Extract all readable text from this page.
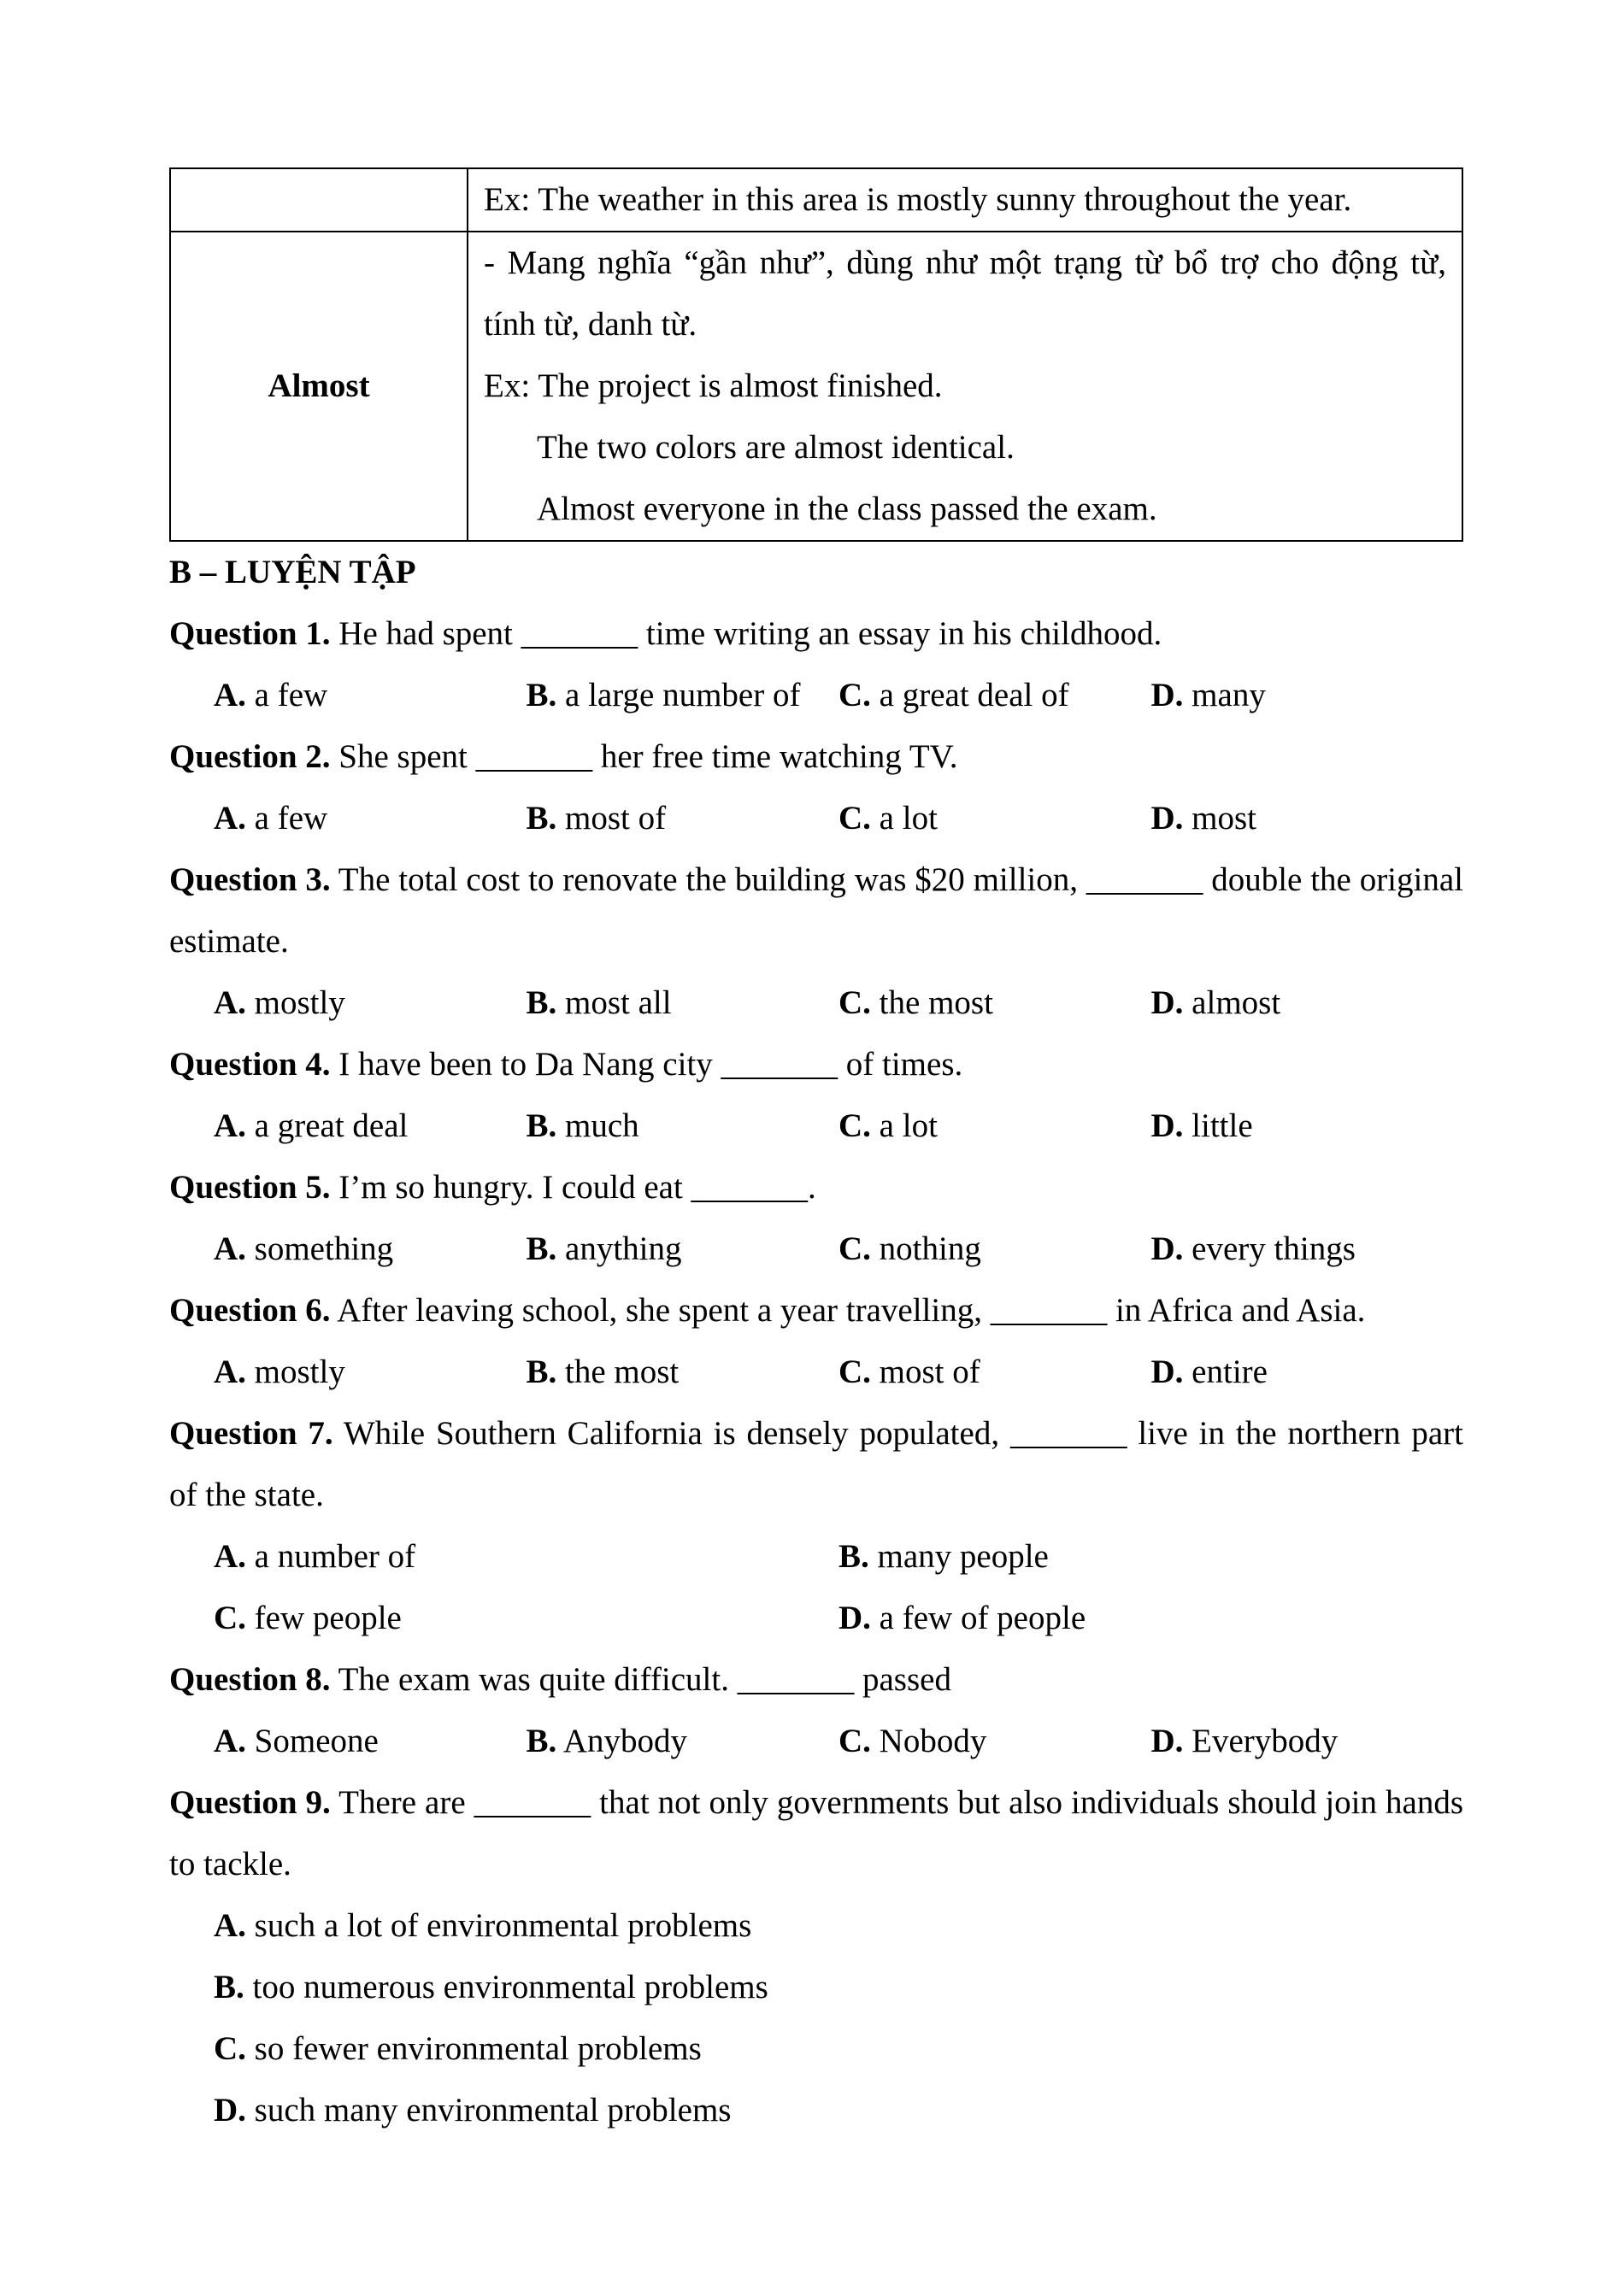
	Ex: The weather in this area is mostly sunny throughout the year.

Almost	- Mang nghĩa “gần như”, dùng như một trạng từ bổ trợ cho động từ, tính từ, danh từ.
Ex: The project is almost finished.
The two colors are almost identical.
Almost everyone in the class passed the exam.

B – LUYỆN TẬP

Question 1. He had spent _______ time writing an essay in his childhood.

A. a few	B. a large number of	C. a great deal of	D. many

Question 2. She spent _______ her free time watching TV.

A. a few	B. most of	C. a lot	D. most

Question 3. The total cost to renovate the building was $20 million, _______ double the original estimate.

A. mostly	B. most all	C. the most	D. almost

Question 4. I have been to Da Nang city _______ of times.

A. a great deal	B. much	C. a lot	D. little

Question 5. I’m so hungry. I could eat _______.

A. something	B. anything	C. nothing	D. every things

Question 6. After leaving school, she spent a year travelling, _______ in Africa and Asia.

A. mostly	B. the most	C. most of	D. entire

Question 7. While Southern California is densely populated, _______ live in the northern part of the state.

A. a number of	B. many people
C. few people	D. a few of people

Question 8. The exam was quite difficult. _______ passed

A. Someone	B. Anybody	C. Nobody	D. Everybody

Question 9. There are _______ that not only governments but also individuals should join hands to tackle.

A. such a lot of environmental problems
B. too numerous environmental problems
C. so fewer environmental problems
D. such many environmental problems
